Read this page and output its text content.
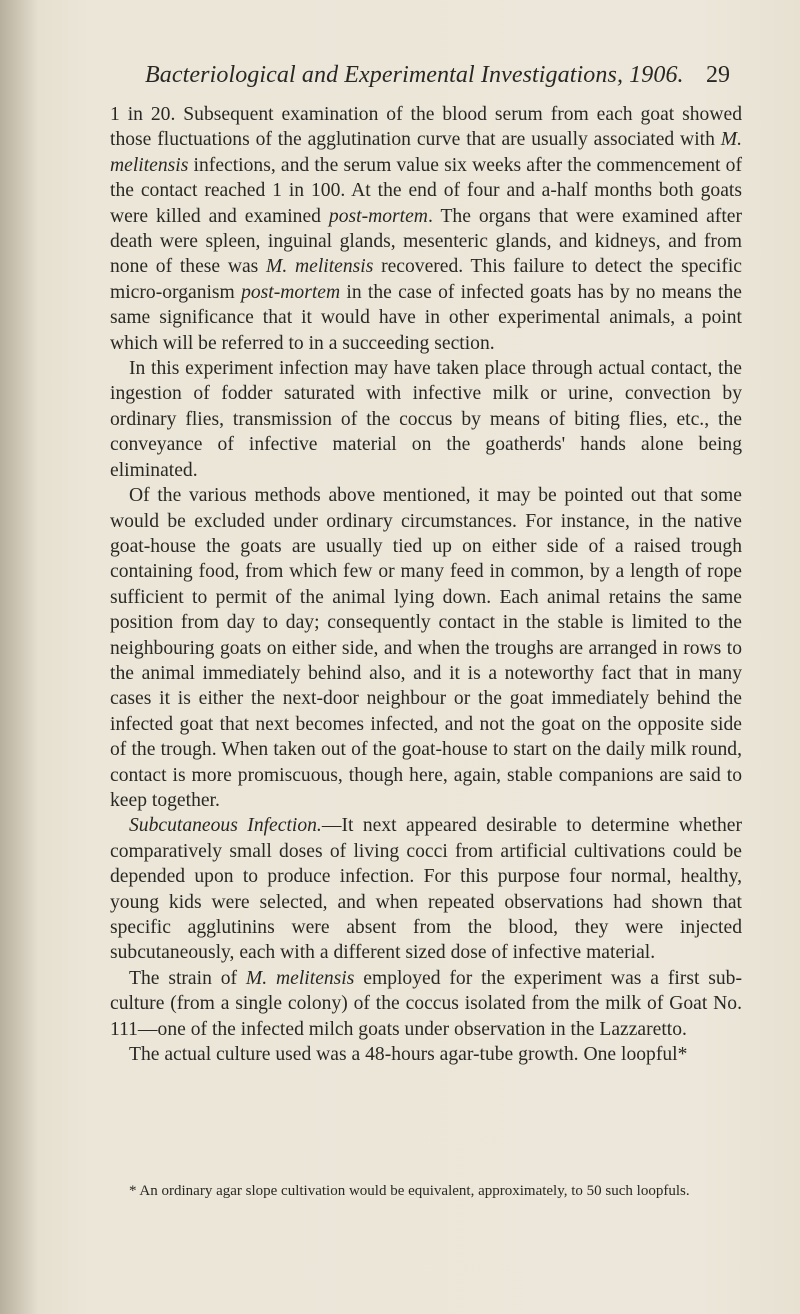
Bacteriological and Experimental Investigations, 1906. 29

1 in 20. Subsequent examination of the blood serum from each goat showed those fluctuations of the agglutination curve that are usually associated with M. melitensis infections, and the serum value six weeks after the commencement of the contact reached 1 in 100. At the end of four and a-half months both goats were killed and examined post-mortem. The organs that were examined after death were spleen, inguinal glands, mesenteric glands, and kidneys, and from none of these was M. melitensis recovered. This failure to detect the specific micro-organism post-mortem in the case of infected goats has by no means the same significance that it would have in other experimental animals, a point which will be referred to in a succeeding section.

In this experiment infection may have taken place through actual contact, the ingestion of fodder saturated with infective milk or urine, convection by ordinary flies, transmission of the coccus by means of biting flies, etc., the conveyance of infective material on the goatherds' hands alone being eliminated.

Of the various methods above mentioned, it may be pointed out that some would be excluded under ordinary circumstances. For instance, in the native goat-house the goats are usually tied up on either side of a raised trough containing food, from which few or many feed in common, by a length of rope sufficient to permit of the animal lying down. Each animal retains the same position from day to day; consequently contact in the stable is limited to the neighbouring goats on either side, and when the troughs are arranged in rows to the animal immediately behind also, and it is a noteworthy fact that in many cases it is either the next-door neighbour or the goat immediately behind the infected goat that next becomes infected, and not the goat on the opposite side of the trough. When taken out of the goat-house to start on the daily milk round, contact is more promiscuous, though here, again, stable companions are said to keep together.

Subcutaneous Infection.—It next appeared desirable to determine whether comparatively small doses of living cocci from artificial cultivations could be depended upon to produce infection. For this purpose four normal, healthy, young kids were selected, and when repeated observations had shown that specific agglutinins were absent from the blood, they were injected subcutaneously, each with a different sized dose of infective material.

The strain of M. melitensis employed for the experiment was a first sub-culture (from a single colony) of the coccus isolated from the milk of Goat No. 111—one of the infected milch goats under observation in the Lazzaretto.

The actual culture used was a 48-hours agar-tube growth. One loopful*

* An ordinary agar slope cultivation would be equivalent, approximately, to 50 such loopfuls.
